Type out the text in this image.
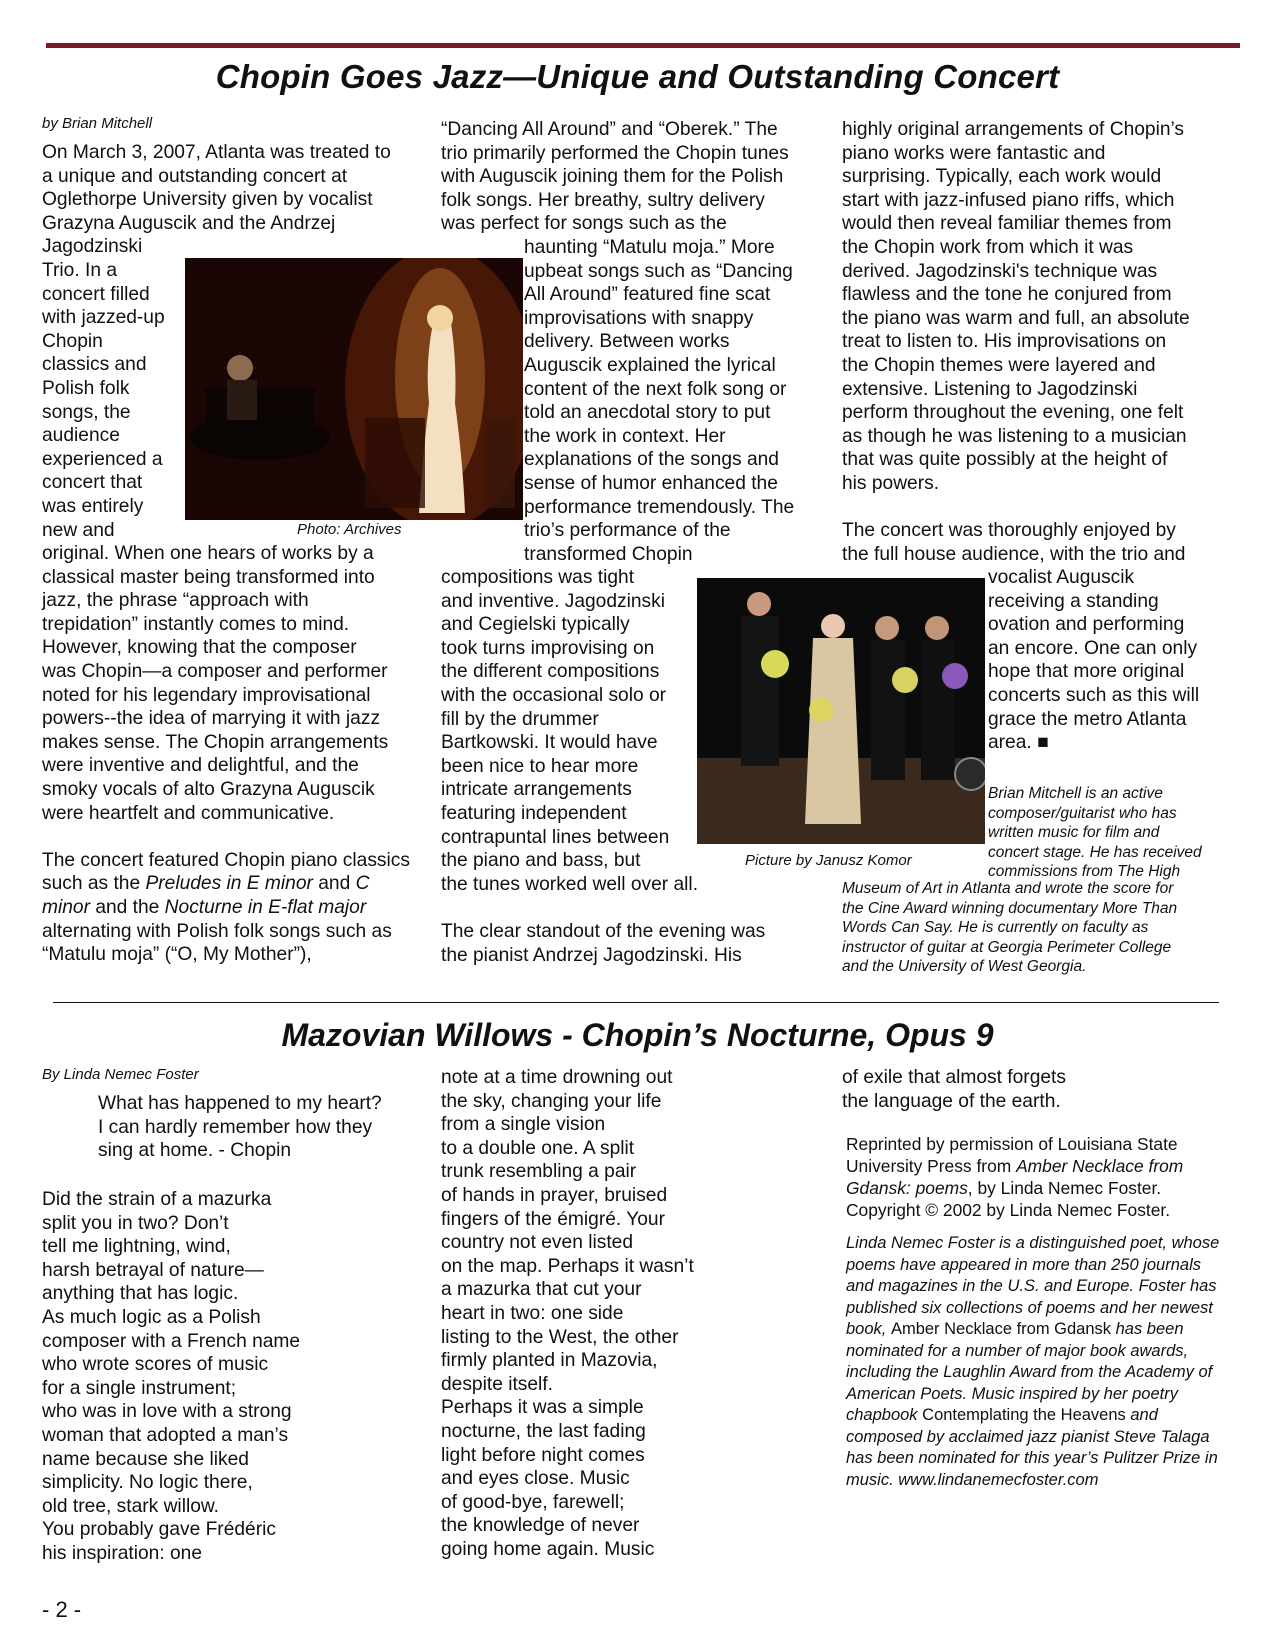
Chopin Goes Jazz—Unique and Outstanding Concert
by Brian Mitchell
On March 3, 2007, Atlanta was treated to
a unique and outstanding concert at
Oglethorpe University given by vocalist
Grazyna Auguscik and the Andrzej
Jagodzinski
Trio. In a
concert filled
with jazzed-up
Chopin
classics and
Polish folk
songs, the
audience
experienced a
concert that
was entirely
new and
original. When one hears of works by a
classical master being transformed into
jazz, the phrase “approach with
trepidation” instantly comes to mind.
However, knowing that the composer
was Chopin—a composer and performer
noted for his legendary improvisational
powers--the idea of marrying it with jazz
makes sense. The Chopin arrangements
were inventive and delightful, and the
smoky vocals of alto Grazyna Auguscik
were heartfelt and communicative.

The concert featured Chopin piano classics such as the Preludes in E minor and C minor and the Nocturne in E-flat major alternating with Polish folk songs such as “Matulu moja” (“O, My Mother”),

Photo: Archives
“Dancing All Around” and “Oberek.” The
trio primarily performed the Chopin tunes
with Auguscik joining them for the Polish
folk songs. Her breathy, sultry delivery
was perfect for songs such as the
haunting “Matulu moja.” More
upbeat songs such as “Dancing
All Around” featured fine scat
improvisations with snappy
delivery. Between works
Auguscik explained the lyrical
content of the next folk song or
told an anecdotal story to put
the work in context. Her
explanations of the songs and
sense of humor enhanced the
performance tremendously. The
trio’s performance of the
transformed Chopin
compositions was tight
and inventive. Jagodzinski
and Cegielski typically
took turns improvising on
the different compositions
with the occasional solo or
fill by the drummer
Bartkowski. It would have
been nice to hear more
intricate arrangements
featuring independent
contrapuntal lines between
the piano and bass, but
the tunes worked well over all.
The clear standout of the evening was
the pianist Andrzej Jagodzinski. His
Picture by Janusz Komor
highly original arrangements of Chopin’s
piano works were fantastic and
surprising. Typically, each work would
start with jazz-infused piano riffs, which
would then reveal familiar themes from
the Chopin work from which it was
derived. Jagodzinski's technique was
flawless and the tone he conjured from
the piano was warm and full, an absolute
treat to listen to. His improvisations on
the Chopin themes were layered and
extensive. Listening to Jagodzinski
perform throughout the evening, one felt
as though he was listening to a musician
that was quite possibly at the height of
his powers.
The concert was thoroughly enjoyed by
the full house audience, with the trio and
vocalist Auguscik
receiving a standing
ovation and performing
an encore. One can only
hope that more original
concerts such as this will
grace the metro Atlanta
area. ■
Brian Mitchell is an active
composer/guitarist who has
written music for film and
concert stage. He has received
commissions from The High
Museum of Art in Atlanta and wrote the score for
the Cine Award winning documentary More Than
Words Can Say. He is currently on faculty as
instructor of guitar at Georgia Perimeter College
and the University of West Georgia.
Mazovian Willows - Chopin’s Nocturne, Opus 9
By Linda Nemec Foster
What has happened to my heart?
I can hardly remember how they
sing at home. - Chopin
Did the strain of a mazurka
split you in two? Don’t
tell me lightning, wind,
harsh betrayal of nature—
anything that has logic.
As much logic as a Polish
composer with a French name
who wrote scores of music
for a single instrument;
who was in love with a strong
woman that adopted a man’s
name because she liked
simplicity. No logic there,
old tree, stark willow.
You probably gave Frédéric
his inspiration: one
note at a time drowning out
the sky, changing your life
from a single vision
to a double one. A split
trunk resembling a pair
of hands in prayer, bruised
fingers of the émigré. Your
country not even listed
on the map. Perhaps it wasn’t
a mazurka that cut your
heart in two: one side
listing to the West, the other
firmly planted in Mazovia,
despite itself.
Perhaps it was a simple
nocturne, the last fading
light before night comes
and eyes close. Music
of good-bye, farewell;
the knowledge of never
going home again. Music
of exile that almost forgets
the language of the earth.
Reprinted by permission of Louisiana State University Press from Amber Necklace from Gdansk: poems, by Linda Nemec Foster. Copyright © 2002 by Linda Nemec Foster.
Linda Nemec Foster is a distinguished poet, whose poems have appeared in more than 250 journals and magazines in the U.S. and Europe. Foster has published six collections of poems and her newest book, Amber Necklace from Gdansk has been nominated for a number of major book awards, including the Laughlin Award from the Academy of American Poets. Music inspired by her poetry chapbook Contemplating the Heavens and composed by acclaimed jazz pianist Steve Talaga has been nominated for this year’s Pulitzer Prize in music. www.lindanemecfoster.com
- 2 -
